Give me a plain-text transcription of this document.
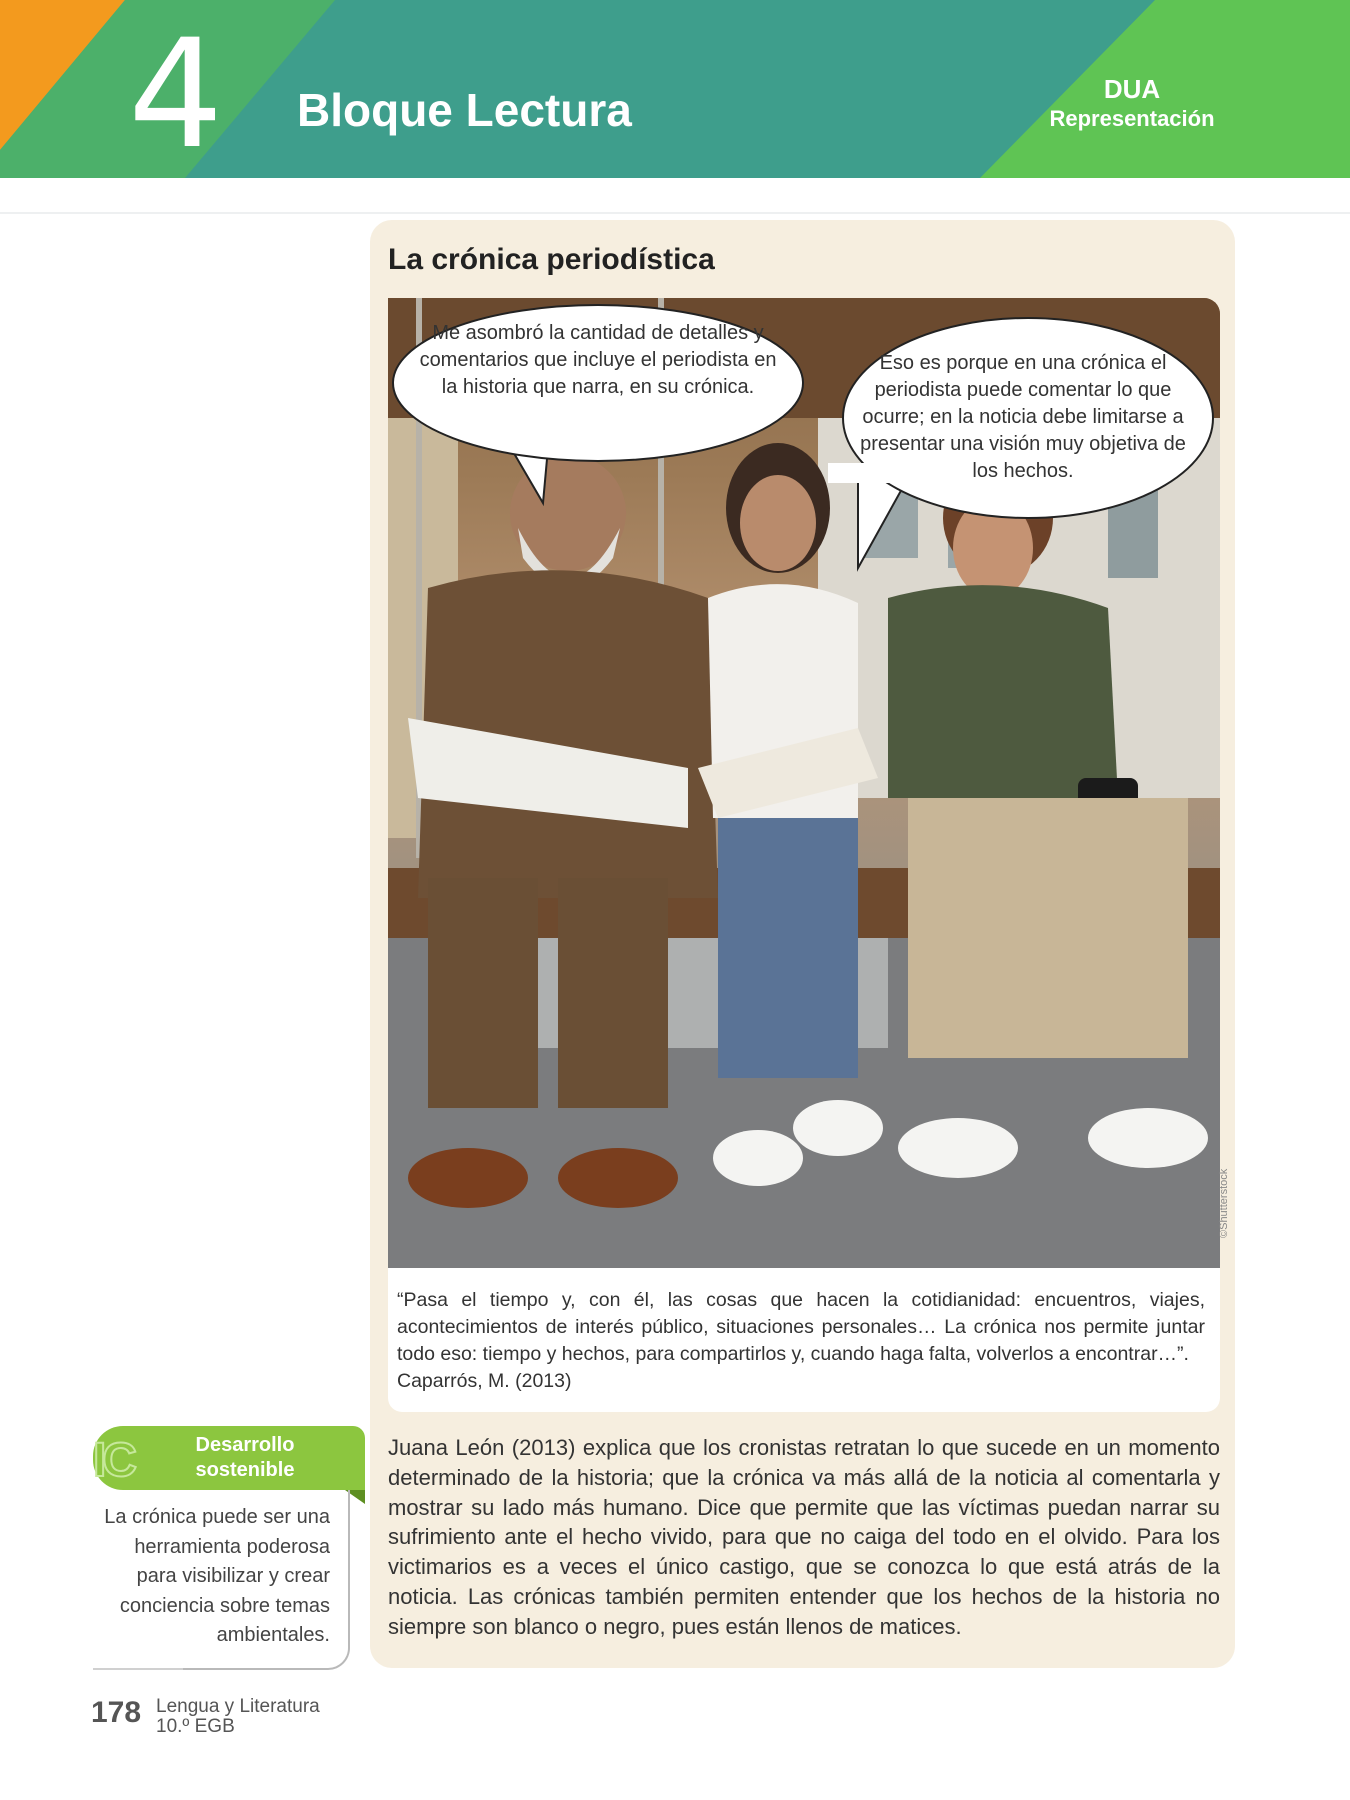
4 Bloque Lectura	DUA
Representación
La crónica periodística
Me asombró la cantidad de detalles y comentarios que incluye el periodista en la historia que narra, en su crónica.
Eso es porque en una crónica el periodista puede comentar lo que ocurre; en la noticia debe limitarse a presentar una visión muy objetiva de los hechos.
©Shutterstock
“Pasa el tiempo y, con él, las cosas que hacen la cotidianidad: encuentros, viajes, acontecimientos de interés público, situaciones personales… La crónica nos permite juntar todo eso: tiempo y hechos, para compartirlos y, cuando haga falta, volverlos a encontrar…”.
Caparrós, M. (2013)
Juana León (2013) explica que los cronistas retratan lo que sucede en un momento determinado de la historia; que la crónica va más allá de la noticia al comentarla y mostrar su lado más humano. Dice que permite que las víctimas puedan narrar su sufrimiento ante el hecho vivido, para que no caiga del todo en el olvido. Para los victimarios es a veces el único castigo, que se conozca lo que está atrás de la noticia. Las crónicas también permiten entender que los hechos de la historia no siempre son blanco o negro, pues están llenos de matices.
IC	Desarrollo sostenible
La crónica puede ser una herramienta poderosa para visibilizar y crear conciencia sobre temas ambientales.
178 Lengua y Literatura
10.º EGB
